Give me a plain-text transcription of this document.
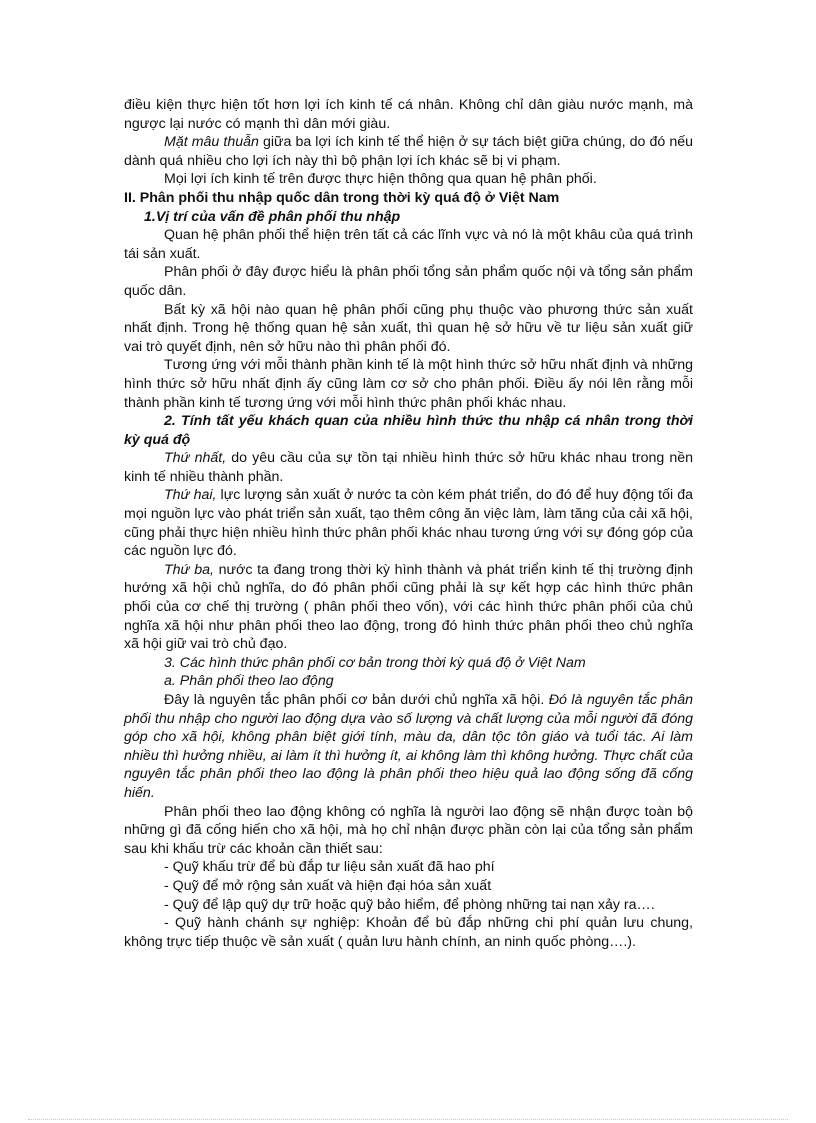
điều kiện thực hiện tốt hơn lợi ích kinh tế cá nhân. Không chỉ dân giàu nước mạnh, mà ngược lại nước có mạnh thì dân mới giàu.

Mặt mâu thuẫn giữa ba lợi ích kinh tế thể hiện ở sự tách biệt giữa chúng, do đó nếu dành quá nhiều cho lợi ích này thì bộ phận lợi ích khác sẽ bị vi phạm.

Mọi lợi ích kinh tế trên được thực hiện thông qua quan hệ phân phối.

II. Phân phối thu nhập quốc dân trong thời kỳ quá độ ở Việt Nam

1.Vị trí của vấn đề phân phối thu nhập

Quan hệ phân phối thể hiện trên tất cả các lĩnh vực và nó là một khâu của quá trình tái sản xuất.

Phân phối ở đây được hiểu là phân phối tổng sản phẩm quốc nội và tổng sản phẩm quốc dân.

Bất kỳ xã hội nào quan hệ phân phối cũng phụ thuộc vào phương thức sản xuất nhất định. Trong hệ thống quan hệ sản xuất, thì quan hệ sở hữu về tư liệu sản xuất giữ vai trò quyết định, nên sở hữu nào thì phân phối đó.

Tương ứng với mỗi thành phần kinh tế là một hình thức sở hữu nhất định và những hình thức sở hữu nhất định ấy cũng làm cơ sở cho phân phối. Điều ấy nói lên rằng mỗi thành phần kinh tế tương ứng với mỗi hình thức phân phối khác nhau.

2. Tính tất yếu khách quan của nhiều hình thức thu nhập cá nhân trong thời kỳ quá độ

Thứ nhất, do yêu cầu của sự tồn tại nhiều hình thức sở hữu khác nhau trong nền kinh tế nhiều thành phần.

Thứ hai, lực lượng sản xuất ở nước ta còn kém phát triển, do đó để huy động tối đa mọi nguồn lực vào phát triển sản xuất, tạo thêm công ăn việc làm, làm tăng của cải xã hội, cũng phải thực hiện nhiều hình thức phân phối khác nhau tương ứng với sự đóng góp của các nguồn lực đó.

Thứ ba, nước ta đang trong thời kỳ hình thành và phát triển kinh tế thị trường định hướng xã hội chủ nghĩa, do đó phân phối cũng phải là sự kết hợp các hình thức phân phối của cơ chế thị trường ( phân phối theo vốn), với các hình thức phân phối của chủ nghĩa xã hội như phân phối theo lao động, trong đó hình thức phân phối theo chủ nghĩa xã hội giữ vai trò chủ đạo.

3. Các hình thức phân phối cơ bản trong thời kỳ quá độ ở Việt Nam

a. Phân phối theo lao động

Đây là nguyên tắc phân phối cơ bản dưới chủ nghĩa xã hội. Đó là nguyên tắc phân phối thu nhập cho người lao động dựa vào số lượng và chất lượng của mỗi người đã đóng góp cho xã hội, không phân biệt giới tính, màu da, dân tộc tôn giáo và tuổi tác. Ai làm nhiều thì hưởng nhiều, ai làm ít thì hưởng ít, ai không làm thì không hưởng. Thực chất của nguyên tắc phân phối theo lao động là phân phối theo hiệu quả lao động sống đã cống hiến.

Phân phối theo lao động không có nghĩa là người lao động sẽ nhận được toàn bộ những gì đã cống hiến cho xã hội, mà họ chỉ nhận được phần còn lại của tổng sản phẩm sau khi khấu trừ các khoản cần thiết sau:

- Quỹ khấu trừ để bù đắp tư liệu sản xuất đã hao phí

- Quỹ để mở rộng sản xuất và hiện đại hóa sản xuất

- Quỹ để lập quỹ dự trữ hoặc quỹ bảo hiểm, để phòng những tai nạn xảy ra….

- Quỹ hành chánh sự nghiệp: Khoản để bù đắp những chi phí quản lưu chung, không trực tiếp thuộc về sản xuất ( quản lưu hành chính, an ninh quốc phòng….).
